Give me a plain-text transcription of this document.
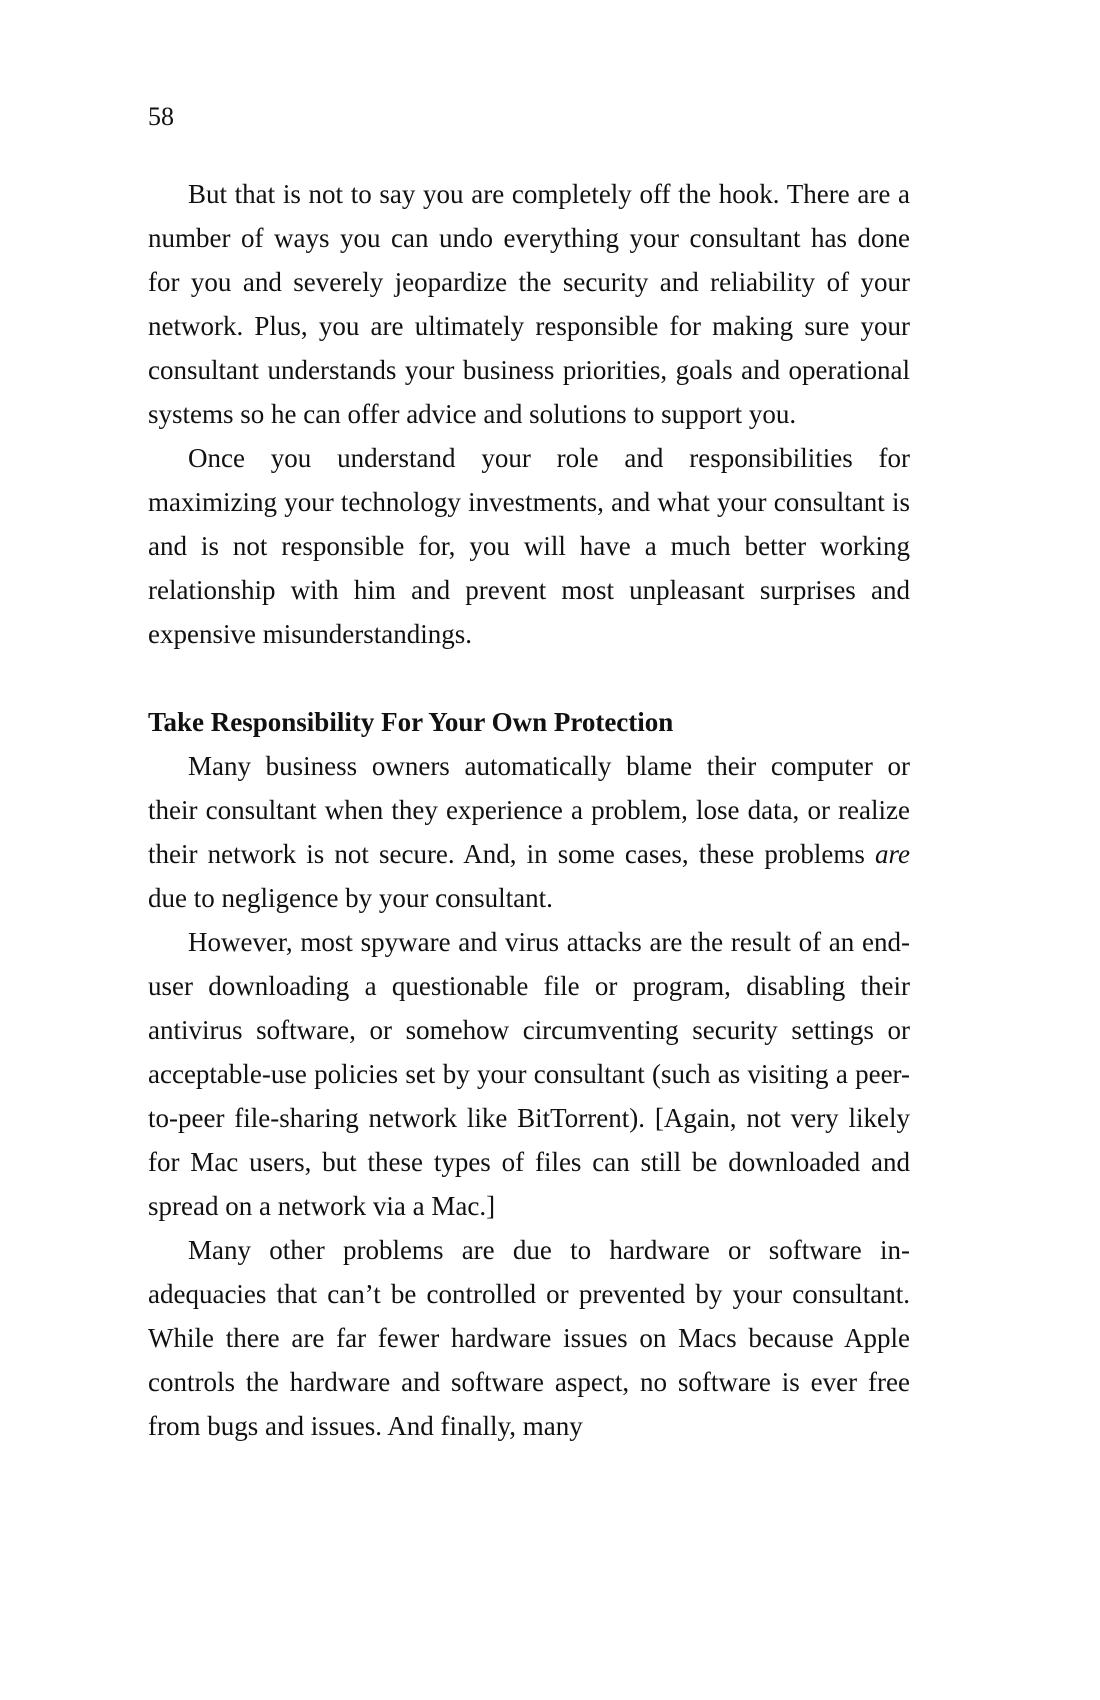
58

But that is not to say you are completely off the hook. There are a number of ways you can undo everything your consultant has done for you and severely jeopardize the security and reliability of your network. Plus, you are ultimately responsible for making sure your consultant understands your business priorities, goals and operational systems so he can offer advice and solutions to support you.

Once you understand your role and responsibilities for maximizing your technology investments, and what your consultant is and is not responsible for, you will have a much better working relationship with him and prevent most unpleasant surprises and expensive misunderstandings.

Take Responsibility For Your Own Protection

Many business owners automatically blame their computer or their consultant when they experience a problem, lose data, or realize their network is not secure. And, in some cases, these problems are due to negligence by your consultant.

However, most spyware and virus attacks are the result of an end-user downloading a questionable file or program, disabling their antivirus software, or somehow circumventing security settings or acceptable-use policies set by your consultant (such as visiting a peer-to-peer file-sharing network like BitTorrent). [Again, not very likely for Mac users, but these types of files can still be downloaded and spread on a network via a Mac.]

Many other problems are due to hardware or software inadequacies that can’t be controlled or prevented by your consultant. While there are far fewer hardware issues on Macs because Apple controls the hardware and software aspect, no software is ever free from bugs and issues. And finally, many
